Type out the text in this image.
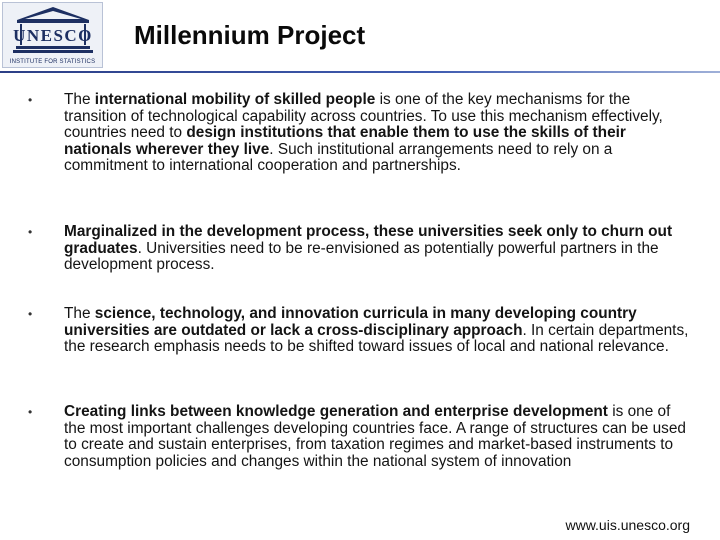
UNESCO
INSTITUTE FOR STATISTICS
Millennium Project
• The international mobility of skilled people is one of the key mechanisms for the transition of technological capability across countries. To use this mechanism effectively, countries need to design institutions that enable them to use the skills of their nationals wherever they live. Such institutional arrangements need to rely on a commitment to international cooperation and partnerships.
• Marginalized in the development process, these universities seek only to churn out graduates. Universities need to be re-envisioned as potentially powerful partners in the development process.
• The science, technology, and innovation curricula in many developing country universities are outdated or lack a cross-disciplinary approach. In certain departments, the research emphasis needs to be shifted toward issues of local and national relevance.
• Creating links between knowledge generation and enterprise development is one of the most important challenges developing countries face. A range of structures can be used to create and sustain enterprises, from taxation regimes and market-based instruments to consumption policies and changes within the national system of innovation
www.uis.unesco.org
